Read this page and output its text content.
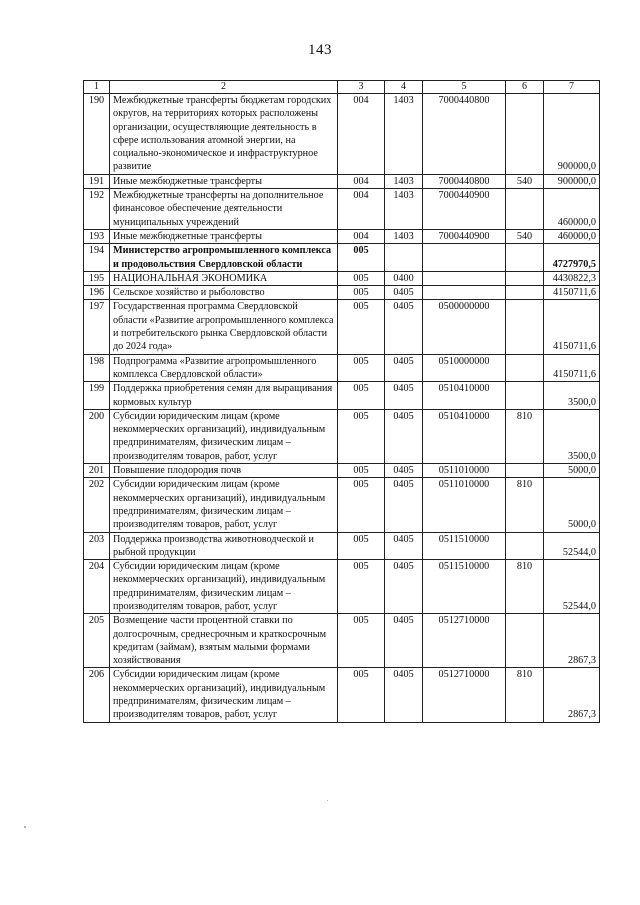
143
1	2	3	4	5	6	7
190	Межбюджетные трансферты бюджетам городских округов, на территориях которых расположены организации, осуществляющие деятельность в сфере использования атомной энергии, на социально-экономическое и инфраструктурное развитие	004	1403	7000440800		900000,0
191	Иные межбюджетные трансферты	004	1403	7000440800	540	900000,0
192	Межбюджетные трансферты на дополнительное финансовое обеспечение деятельности муниципальных учреждений	004	1403	7000440900		460000,0
193	Иные межбюджетные трансферты	004	1403	7000440900	540	460000,0
194	Министерство агропромышленного комплекса и продовольствия Свердловской области	005				4727970,5
195	НАЦИОНАЛЬНАЯ ЭКОНОМИКА	005	0400			4430822,3
196	Сельское хозяйство и рыболовство	005	0405			4150711,6
197	Государственная программа Свердловской области «Развитие агропромышленного комплекса и потребительского рынка Свердловской области до 2024 года»	005	0405	0500000000		4150711,6
198	Подпрограмма «Развитие агропромышленного комплекса Свердловской области»	005	0405	0510000000		4150711,6
199	Поддержка приобретения семян для выращивания кормовых культур	005	0405	0510410000		3500,0
200	Субсидии юридическим лицам (кроме некоммерческих организаций), индивидуальным предпринимателям, физическим лицам – производителям товаров, работ, услуг	005	0405	0510410000	810	3500,0
201	Повышение плодородия почв	005	0405	0511010000		5000,0
202	Субсидии юридическим лицам (кроме некоммерческих организаций), индивидуальным предпринимателям, физическим лицам – производителям товаров, работ, услуг	005	0405	0511010000	810	5000,0
203	Поддержка производства животноводческой и рыбной продукции	005	0405	0511510000		52544,0
204	Субсидии юридическим лицам (кроме некоммерческих организаций), индивидуальным предпринимателям, физическим лицам – производителям товаров, работ, услуг	005	0405	0511510000	810	52544,0
205	Возмещение части процентной ставки по долгосрочным, среднесрочным и краткосрочным кредитам (займам), взятым малыми формами хозяйствования	005	0405	0512710000		2867,3
206	Субсидии юридическим лицам (кроме некоммерческих организаций), индивидуальным предпринимателям, физическим лицам – производителям товаров, работ, услуг	005	0405	0512710000	810	2867,3
